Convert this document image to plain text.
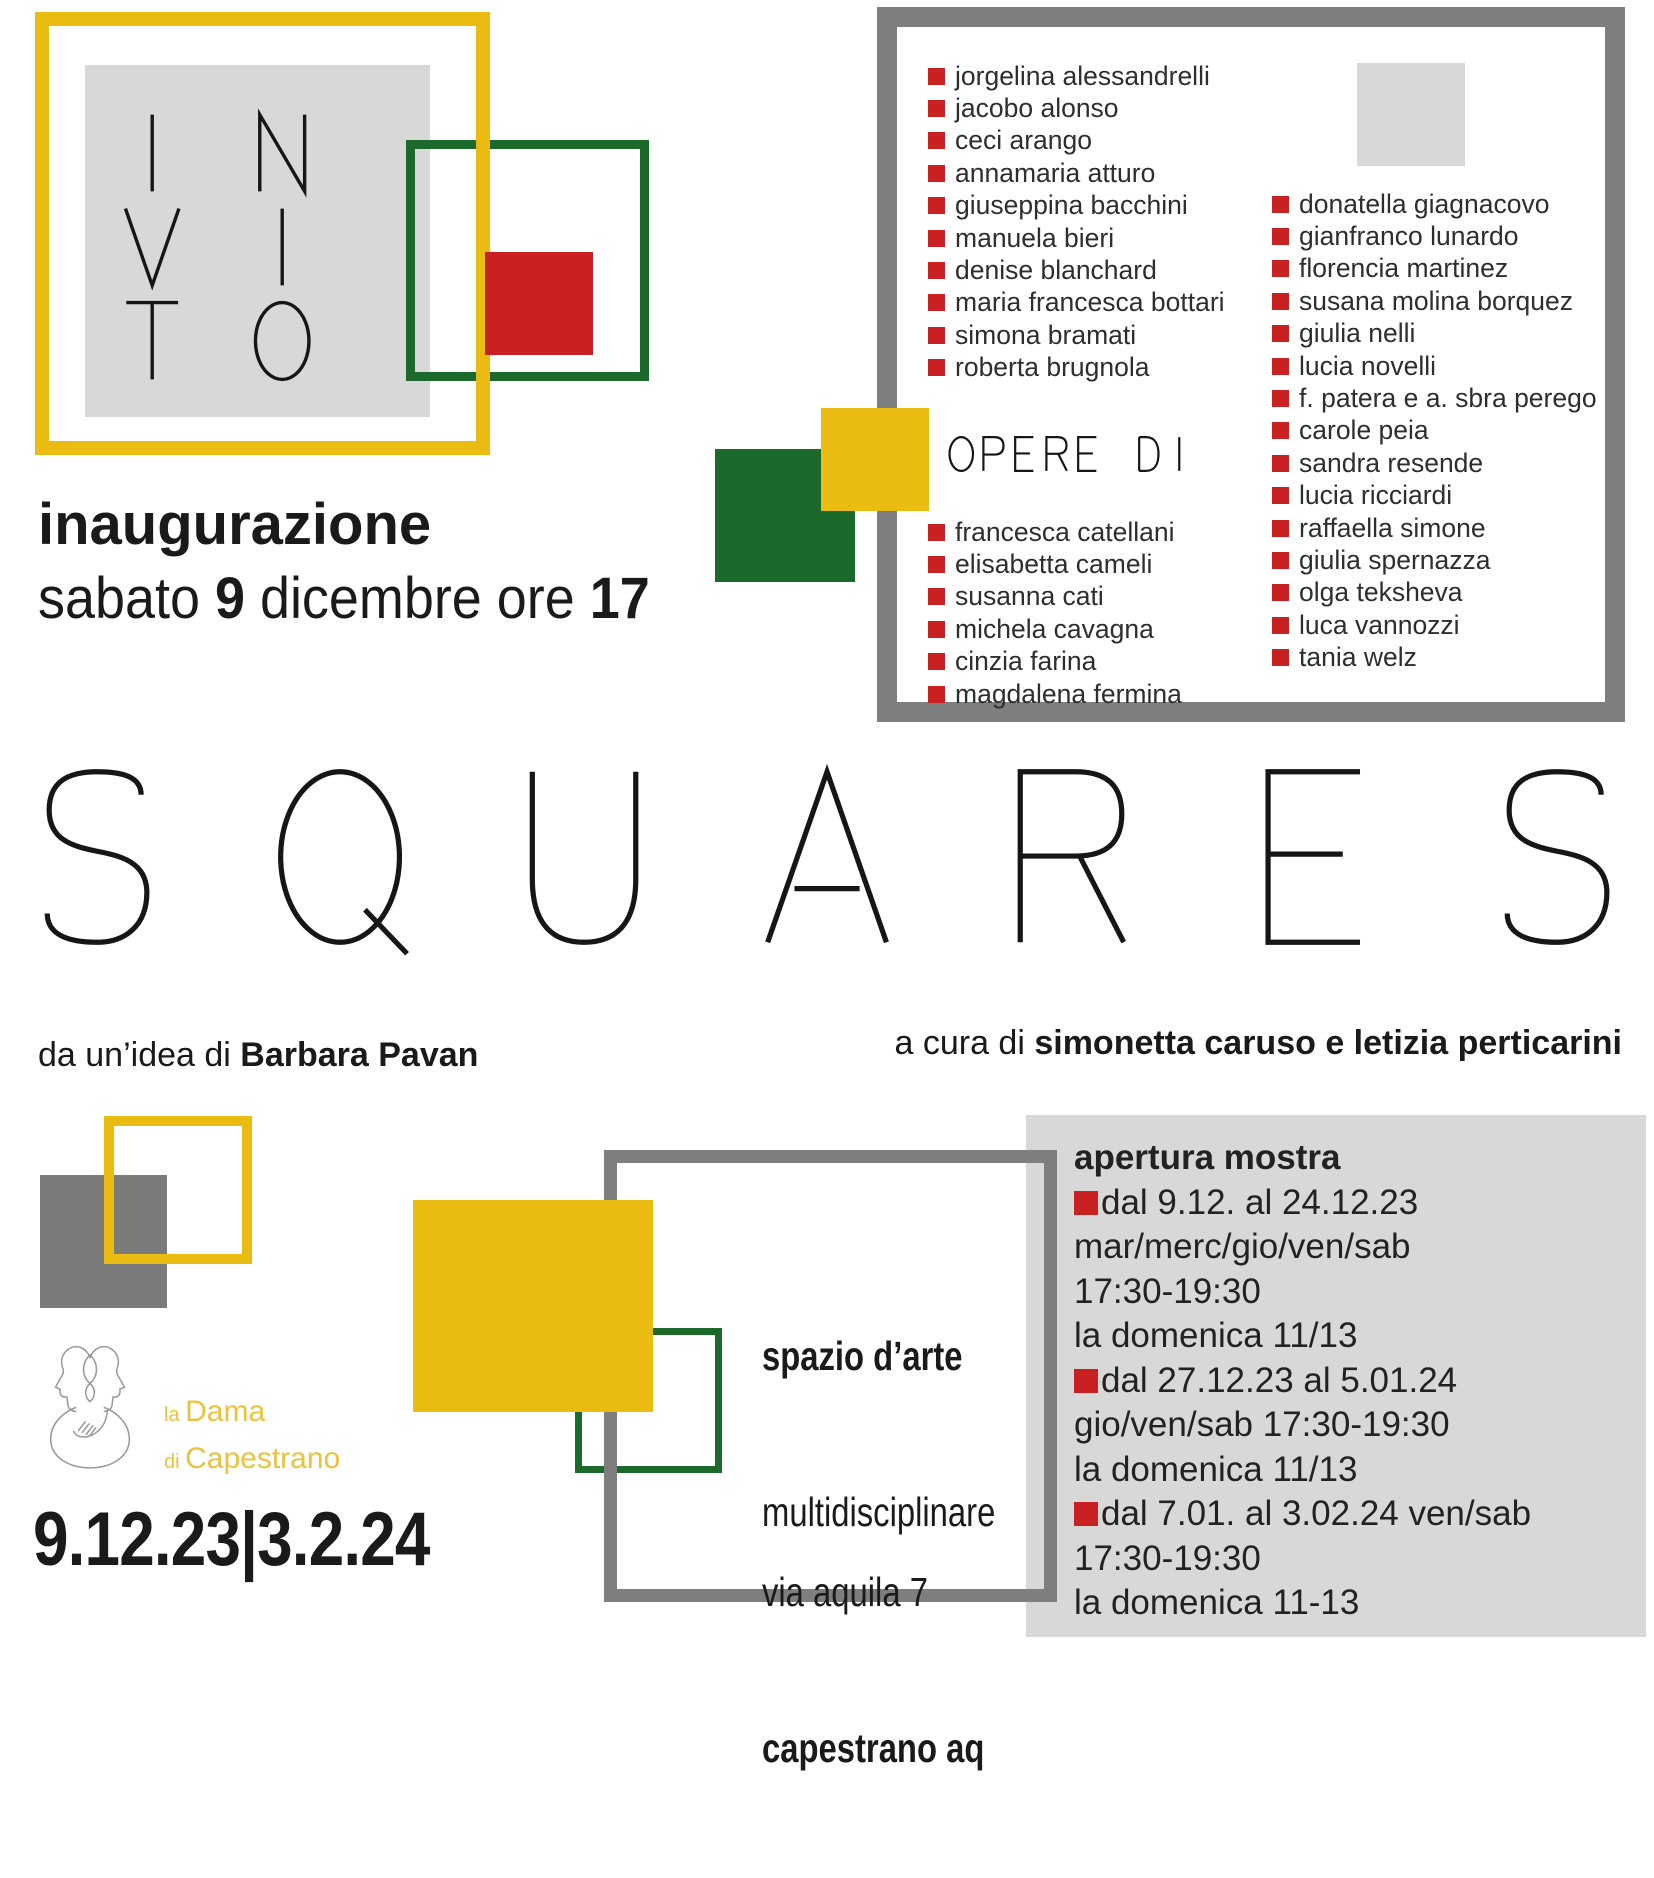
inaugurazione
sabato 9 dicembre ore 17
jorgelina alessandrelli
jacobo alonso
ceci arango
annamaria atturo
giuseppina bacchini
manuela bieri
denise blanchard
maria francesca bottari
simona bramati
roberta brugnola
francesca catellani
elisabetta cameli
susanna cati
michela cavagna
cinzia farina
magdalena fermina
donatella giagnacovo
gianfranco lunardo
florencia martinez
susana molina borquez
giulia nelli
lucia novelli
f. patera e a. sbra perego
carole peia
sandra resende
lucia ricciardi
raffaella simone
giulia spernazza
olga teksheva
luca vannozzi
tania welz
da un’idea di Barbara Pavan	a cura di simonetta caruso e letizia perticarini
la Dama
di Capestrano
9.12.23|3.2.24

spazio d’arte

multidisciplinare

via aquila 7

capestrano aq

apertura mostra
dal 9.12. al 24.12.23
mar/merc/gio/ven/sab
17:30-19:30
la domenica 11/13
dal 27.12.23 al 5.01.24
gio/ven/sab 17:30-19:30
la domenica 11/13
dal 7.01. al 3.02.24 ven/sab
17:30-19:30
la domenica 11-13
